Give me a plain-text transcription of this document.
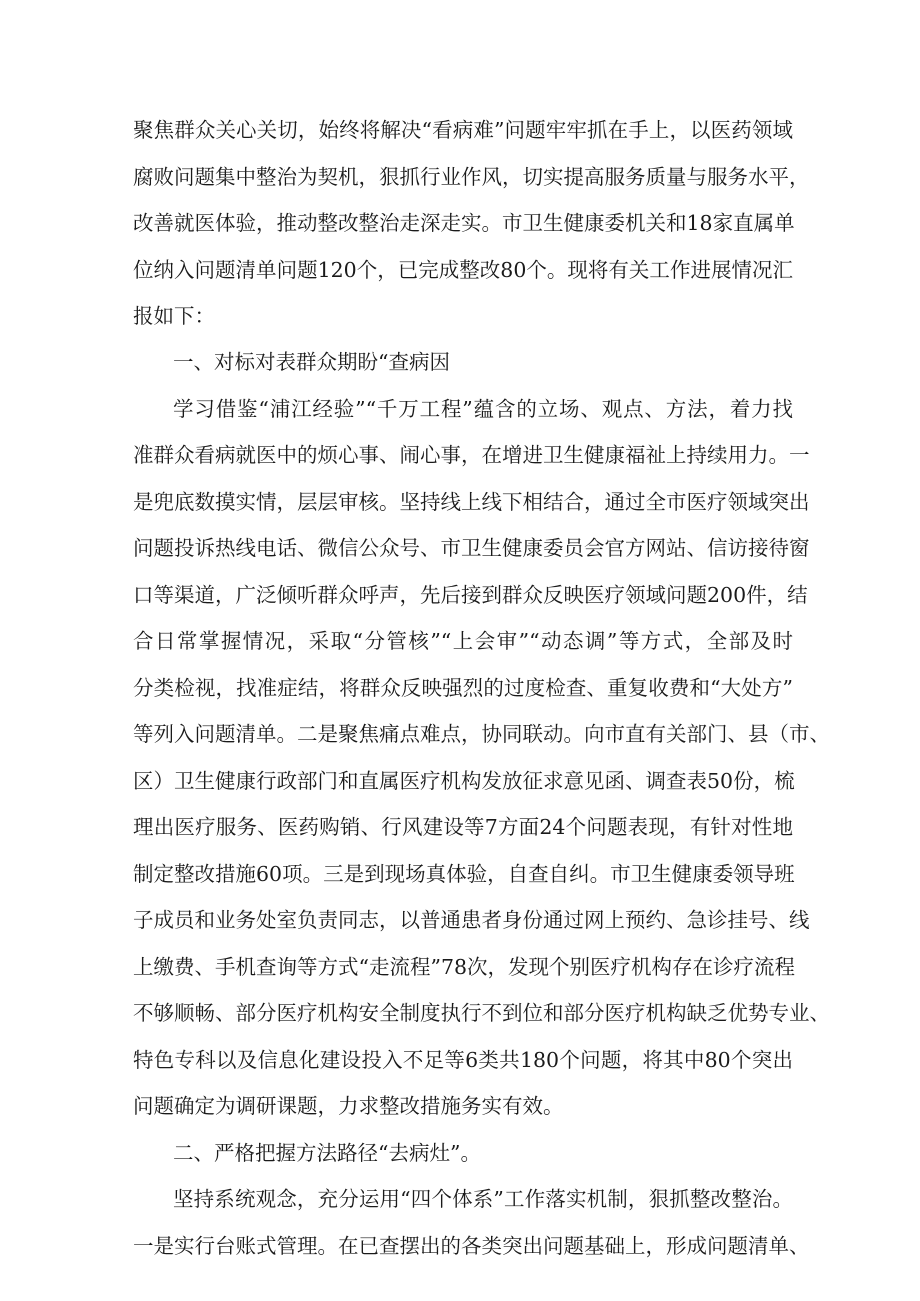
聚焦群众关心关切，始终将解决“看病难”问题牢牢抓在手上，以医药领域
腐败问题集中整治为契机，狠抓行业作风，切实提高服务质量与服务水平，
改善就医体验，推动整改整治走深走实。市卫生健康委机关和18家直属单
位纳入问题清单问题120个，已完成整改80个。现将有关工作进展情况汇
报如下：
一、对标对表群众期盼“查病因
学习借鉴“浦江经验”“千万工程”蕴含的立场、观点、方法，着力找
准群众看病就医中的烦心事、闹心事，在增进卫生健康福祉上持续用力。一
是兜底数摸实情，层层审核。坚持线上线下相结合，通过全市医疗领域突出
问题投诉热线电话、微信公众号、市卫生健康委员会官方网站、信访接待窗
口等渠道，广泛倾听群众呼声，先后接到群众反映医疗领域问题200件，结
合日常掌握情况，采取“分管核”“上会审”“动态调”等方式，全部及时
分类检视，找准症结，将群众反映强烈的过度检查、重复收费和“大处方”
等列入问题清单。二是聚焦痛点难点，协同联动。向市直有关部门、县（市、
区）卫生健康行政部门和直属医疗机构发放征求意见函、调查表50份，梳
理出医疗服务、医药购销、行风建设等7方面24个问题表现，有针对性地
制定整改措施60项。三是到现场真体验，自查自纠。市卫生健康委领导班
子成员和业务处室负责同志，以普通患者身份通过网上预约、急诊挂号、线
上缴费、手机查询等方式“走流程”78次，发现个别医疗机构存在诊疗流程
不够顺畅、部分医疗机构安全制度执行不到位和部分医疗机构缺乏优势专业、
特色专科以及信息化建设投入不足等6类共180个问题，将其中80个突出
问题确定为调研课题，力求整改措施务实有效。
二、严格把握方法路径“去病灶”。
坚持系统观念，充分运用“四个体系”工作落实机制，狠抓整改整治。
一是实行台账式管理。在已查摆出的各类突出问题基础上，形成问题清单、
